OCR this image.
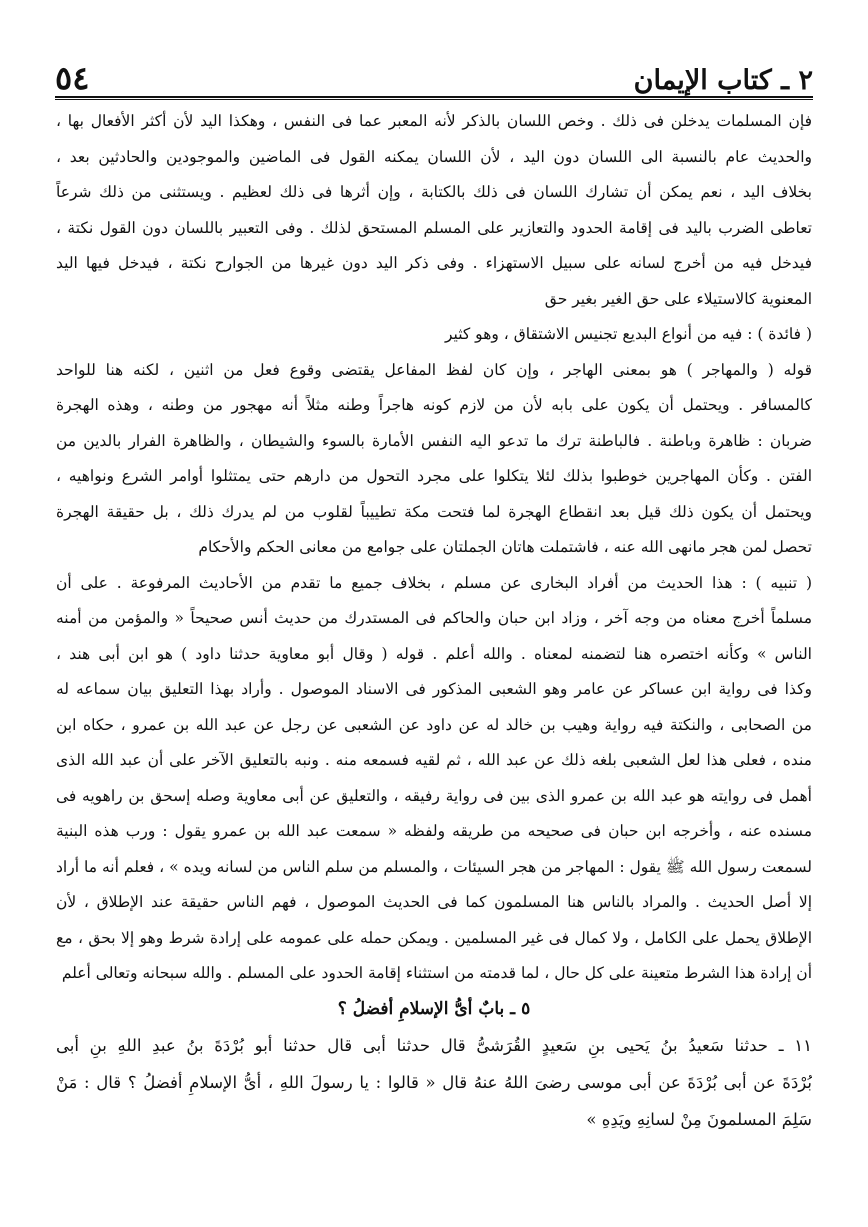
٢ ـ كتاب الإيمان
٥٤
فإن المسلمات يدخلن فى ذلك . وخص اللسان بالذكر لأنه المعبر عما فى النفس ، وهكذا اليد لأن أكثر الأفعال بها ،
والحديث عام بالنسبة الى اللسان دون اليد ، لأن اللسان يمكنه القول فى الماضين والموجودين والحادثين بعد ،
بخلاف اليد ، نعم يمكن أن تشارك اللسان فى ذلك بالكتابة ، وإن أثرها فى ذلك لعظيم . ويستثنى من ذلك شرعاً
تعاطى الضرب باليد فى إقامة الحدود والتعازير على المسلم المستحق لذلك . وفى التعبير باللسان دون القول نكتة ،
فيدخل فيه من أخرج لسانه على سبيل الاستهزاء . وفى ذكر اليد دون غيرها من الجوارح نكتة ، فيدخل فيها اليد
المعنوية كالاستيلاء على حق الغير بغير حق
( فائدة ) : فيه من أنواع البديع تجنيس الاشتقاق ، وهو كثير
قوله ( والمهاجر ) هو بمعنى الهاجر ، وإن كان لفظ المفاعل يقتضى وقوع فعل من اثنين ، لكنه هنا للواحد
كالمسافر . ويحتمل أن يكون على بابه لأن من لازم كونه هاجراً وطنه مثلاً أنه مهجور من وطنه ، وهذه الهجرة
ضربان : ظاهرة وباطنة . فالباطنة ترك ما تدعو اليه النفس الأمارة بالسوء والشيطان ، والظاهرة الفرار بالدين من
الفتن . وكأن المهاجرين خوطبوا بذلك لئلا يتكلوا على مجرد التحول من دارهم حتى يمتثلوا أوامر الشرع ونواهيه ،
ويحتمل أن يكون ذلك قيل بعد انقطاع الهجرة لما فتحت مكة تطييباً لقلوب من لم يدرك ذلك ، بل حقيقة الهجرة
تحصل لمن هجر مانهى الله عنه ، فاشتملت هاتان الجملتان على جوامع من معانى الحكم والأحكام
( تنبيه ) : هذا الحديث من أفراد البخارى عن مسلم ، بخلاف جميع ما تقدم من الأحاديث المرفوعة . على أن
مسلماً أخرج معناه من وجه آخر ، وزاد ابن حبان والحاكم فى المستدرك من حديث أنس صحيحاً « والمؤمن من أمنه
الناس » وكأنه اختصره هنا لتضمنه لمعناه . والله أعلم . قوله ( وقال أبو معاوية حدثنا داود ) هو ابن أبى هند ،
وكذا فى رواية ابن عساكر عن عامر وهو الشعبى المذكور فى الاسناد الموصول . وأراد بهذا التعليق بيان سماعه له
من الصحابى ، والنكتة فيه رواية وهيب بن خالد له عن داود عن الشعبى عن رجل عن عبد الله بن عمرو ، حكاه ابن
منده ، فعلى هذا لعل الشعبى بلغه ذلك عن عبد الله ، ثم لقيه فسمعه منه . ونبه بالتعليق الآخر على أن عبد الله الذى
أهمل فى روايته هو عبد الله بن عمرو الذى بين فى رواية رفيقه ، والتعليق عن أبى معاوية وصله إسحق بن راهويه فى
مسنده عنه ، وأخرجه ابن حبان فى صحيحه من طريقه ولفظه « سمعت عبد الله بن عمرو يقول : ورب هذه البنية
لسمعت رسول الله ﷺ يقول : المهاجر من هجر السيئات ، والمسلم من سلم الناس من لسانه ويده » ، فعلم أنه ما أراد
إلا أصل الحديث . والمراد بالناس هنا المسلمون كما فى الحديث الموصول ، فهم الناس حقيقة عند الإطلاق ، لأن
الإطلاق يحمل على الكامل ، ولا كمال فى غير المسلمين . ويمكن حمله على عمومه على إرادة شرط وهو إلا بحق ، مع
أن إرادة هذا الشرط متعينة على كل حال ، لما قدمته من استثناء إقامة الحدود على المسلم . والله سبحانه وتعالى أعلم
٥ ـ بابٌ أىُّ الإسلامِ أفضلُ ؟
١١ ـ حدثنا سَعيدُ بنُ يَحيى بنِ سَعيدٍ القُرَشىُّ قال حدثنا أبى قال حدثنا أبو بُرْدَةَ بنُ عبدِ اللهِ بنِ أبى
بُرْدَةَ عن أبى بُرْدَةَ عن أبى موسى رضىَ اللهُ عنهُ قال « قالوا : يا رسولَ اللهِ ، أىُّ الإسلامِ أفضلُ ؟ قال : مَنْ
سَلِمَ المسلمونَ مِنْ لسانِهِ ويَدِهِ »
